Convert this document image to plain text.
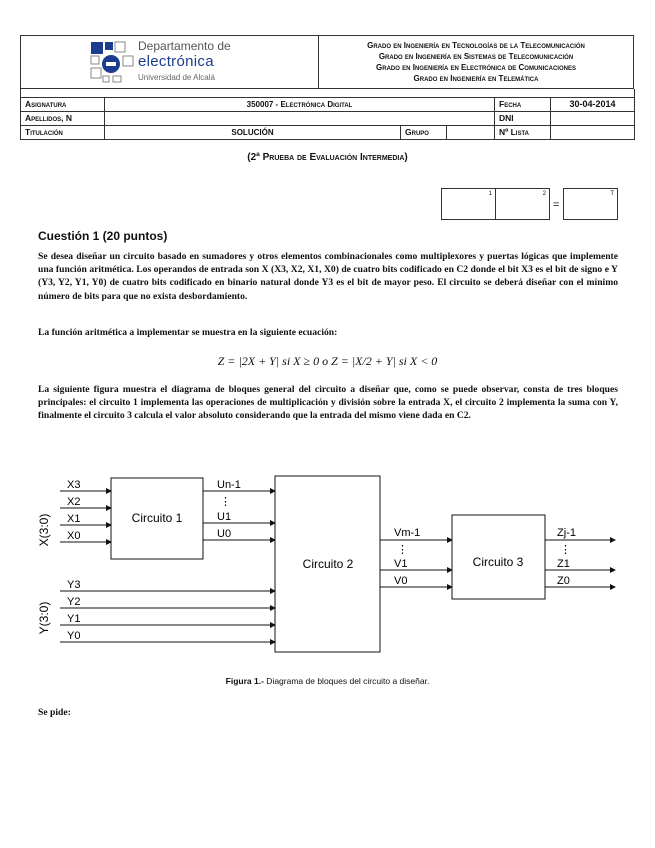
Departamento de
electrónica
Universidad de Alcalá
Grado en Ingeniería en Tecnologías de la Telecomunicación
Grado en Ingeniería en Sistemas de Telecomunicación
Grado en Ingeniería en Electrónica de Comunicaciones
Grado en Ingeniería en Telemática

Asignatura	350007 - Electrónica Digital			Fecha	30-04-2014
Apellidos, N				DNI	
Titulación	SOLUCIÓN	Grupo		Nº Lista	
(2ª Prueba de Evaluación Intermedia)
1	2
=
T
Cuestión 1 (20 puntos)
Se desea diseñar un circuito basado en sumadores y otros elementos combinacionales como multiplexores y puertas lógicas que implemente una función aritmética. Los operandos de entrada son X (X3, X2, X1, X0) de cuatro bits codificado en C2 donde el bit X3 es el bit de signo e Y (Y3, Y2, Y1, Y0) de cuatro bits codificado en binario natural donde Y3 es el bit de mayor peso. El circuito se deberá diseñar con el mínimo número de bits para que no exista desbordamiento.
La función aritmética a implementar se muestra en la siguiente ecuación:
Z = |2X + Y| si X ≥ 0 o Z = |X/2 + Y| si X < 0
La siguiente figura muestra el diagrama de bloques general del circuito a diseñar que, como se puede observar, consta de tres bloques principales: el circuito 1 implementa las operaciones de multiplicación y división sobre la entrada X, el circuito 2 implementa la suma con Y, finalmente el circuito 3 calcula el valor absoluto considerando que la entrada del mismo viene dada en C2.
X(3:0)
Y(3:0)
Circuito 1
X3
X2
X1
X0
Un-1
⋮
U1
U0
Circuito 2
Y3
Y2
Y1
Y0
Vm-1
⋮
V1
V0
Circuito 3
Zj-1
⋮
Z1
Z0
Figura 1.- Diagrama de bloques del circuito a diseñar.
Se pide:
